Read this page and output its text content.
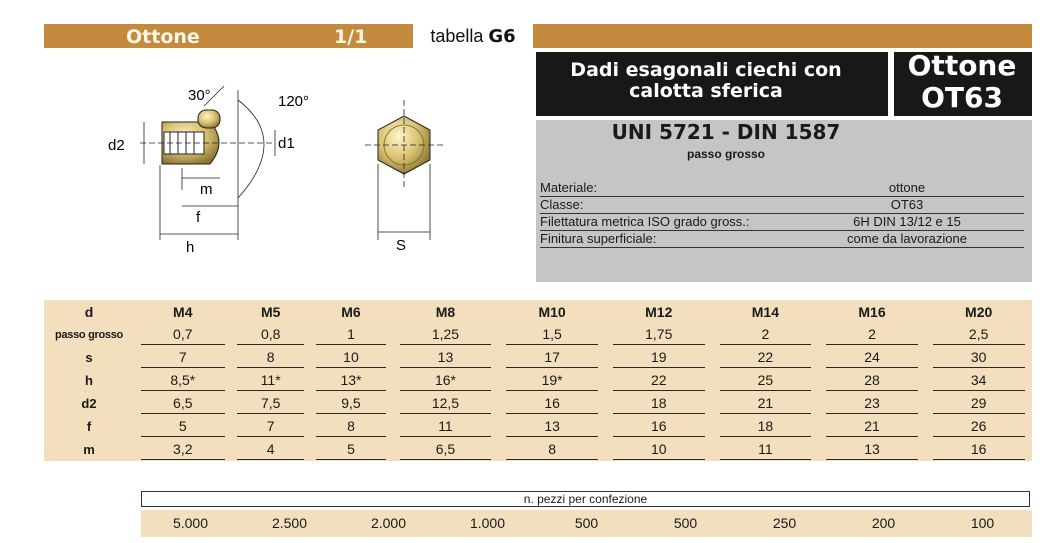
Ottone	1/1	tabella G6
Dadi esagonali ciechi con
calotta sferica
Ottone
OT63
UNI 5721 - DIN 1587
passo grosso
Materiale:	ottone
Classe:	OT63
Filettatura metrica ISO grado gross.:	6H DIN 13/12 e 15
Finitura superficiale:	come da lavorazione
30°	120°
d2	d1
m
f
h	S
d	M4	M5	M6	M8	M10	M12	M14	M16	M20
passo grosso	0,7	0,8	1	1,25	1,5	1,75	2	2	2,5
s	7	8	10	13	17	19	22	24	30
h	8,5*	11*	13*	16*	19*	22	25	28	34
d2	6,5	7,5	9,5	12,5	16	18	21	23	29
f	5	7	8	11	13	16	18	21	26
m	3,2	4	5	6,5	8	10	11	13	16
n. pezzi per confezione
5.000	2.500	2.000	1.000	500	500	250	200	100
